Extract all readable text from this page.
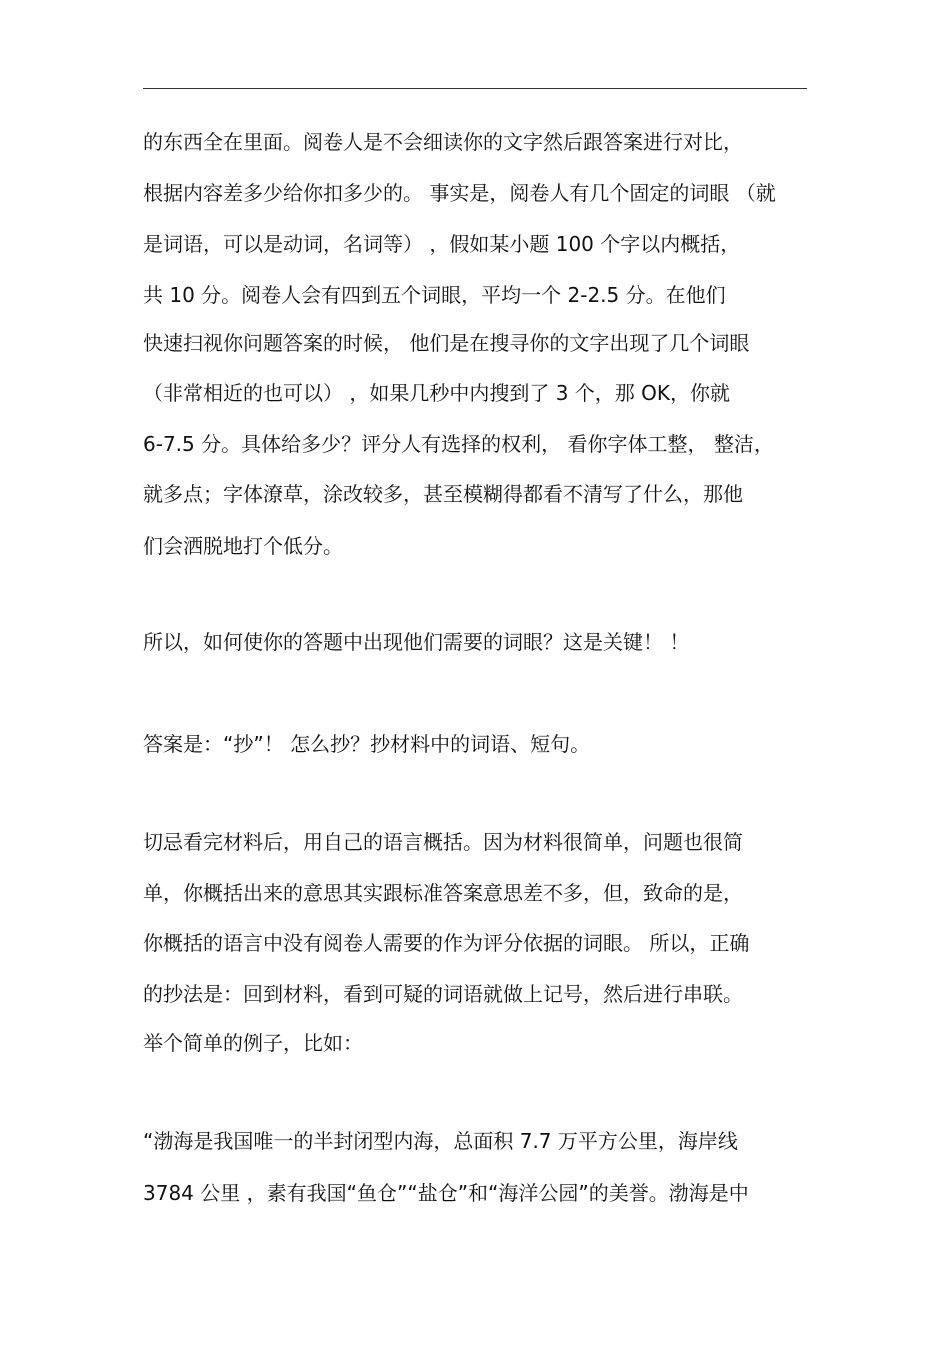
的东西全在里面。阅卷人是不会细读你的文字然后跟答案进行对比，
根据内容差多少给你扣多少的。 事实是，阅卷人有几个固定的词眼 （就
是词语，可以是动词，名词等） ，假如某小题 100 个字以内概括，
共 10 分。阅卷人会有四到五个词眼，平均一个 2-2.5 分。在他们
快速扫视你问题答案的时候， 他们是在搜寻你的文字出现了几个词眼
（非常相近的也可以） ，如果几秒中内搜到了 3 个，那 OK，你就
6-7.5 分。具体给多少？评分人有选择的权利， 看你字体工整， 整洁，
就多点；字体潦草，涂改较多，甚至模糊得都看不清写了什么，那他
们会洒脱地打个低分。
所以，如何使你的答题中出现他们需要的词眼？这是关键！ ！
答案是：“抄”！ 怎么抄？抄材料中的词语、短句。
切忌看完材料后，用自己的语言概括。因为材料很简单，问题也很简
单，你概括出来的意思其实跟标准答案意思差不多，但，致命的是，
你概括的语言中没有阅卷人需要的作为评分依据的词眼。 所以，正确
的抄法是：回到材料，看到可疑的词语就做上记号，然后进行串联。
举个简单的例子，比如：
“渤海是我国唯一的半封闭型内海，总面积 7.7 万平方公里，海岸线
3784 公里 ，素有我国“鱼仓”“盐仓”和“海洋公园”的美誉。渤海是中
